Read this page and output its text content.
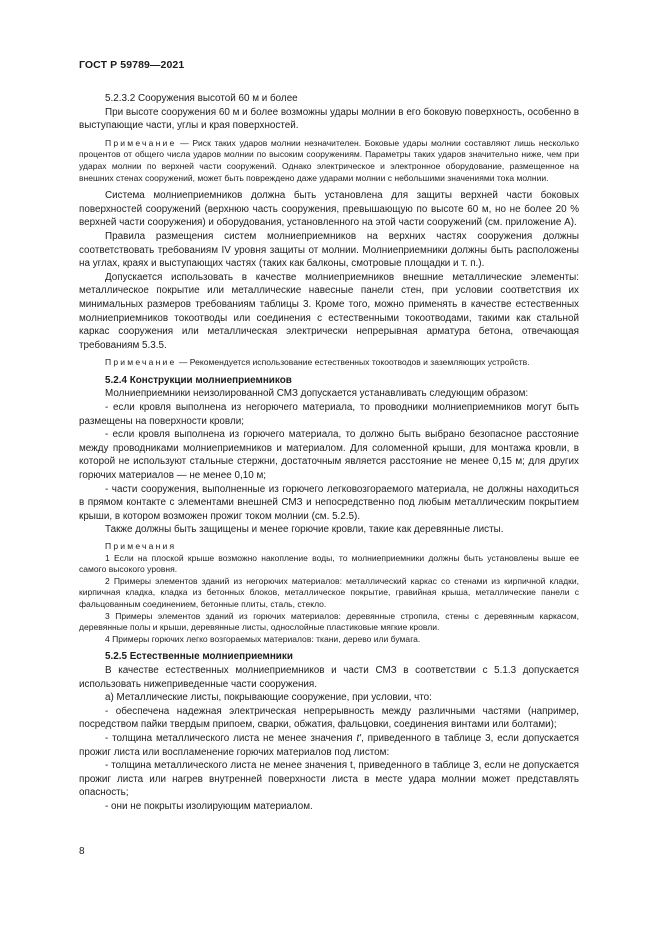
ГОСТ Р 59789—2021

5.2.3.2 Сооружения высотой 60 м и более

При высоте сооружения 60 м и более возможны удары молнии в его боковую поверхность, особенно в выступающие части, углы и края поверхностей.

Примечание — Риск таких ударов молнии незначителен. Боковые удары молнии составляют лишь несколько процентов от общего числа ударов молнии по высоким сооружениям. Параметры таких ударов значительно ниже, чем при ударах молнии по верхней части сооружений. Однако электрическое и электронное оборудование, размещенное на внешних стенах сооружений, может быть повреждено даже ударами молнии с небольшими значениями тока молнии.

Система молниеприемников должна быть установлена для защиты верхней части боковых поверхностей сооружений (верхнюю часть сооружения, превышающую по высоте 60 м, но не более 20 % верхней части сооружения) и оборудования, установленного на этой части сооружений (см. приложение А).

Правила размещения систем молниеприемников на верхних частях сооружения должны соответствовать требованиям IV уровня защиты от молнии. Молниеприемники должны быть расположены на углах, краях и выступающих частях (таких как балконы, смотровые площадки и т. п.).

Допускается использовать в качестве молниеприемников внешние металлические элементы: металлическое покрытие или металлические навесные панели стен, при условии соответствия их минимальных размеров требованиям таблицы 3. Кроме того, можно применять в качестве естественных молниеприемников токоотводы или соединения с естественными токоотводами, такими как стальной каркас сооружения или металлическая электрически непрерывная арматура бетона, отвечающая требованиям 5.3.5.

Примечание — Рекомендуется использование естественных токоотводов и заземляющих устройств.

5.2.4 Конструкции молниеприемников

Молниеприемники неизолированной СМЗ допускается устанавливать следующим образом:

- если кровля выполнена из негорючего материала, то проводники молниеприемников могут быть размещены на поверхности кровли;

- если кровля выполнена из горючего материала, то должно быть выбрано безопасное расстояние между проводниками молниеприемников и материалом. Для соломенной крыши, для монтажа кровли, в которой не используют стальные стержни, достаточным является расстояние не менее 0,15 м; для других горючих материалов — не менее 0,10 м;

- части сооружения, выполненные из горючего легковозгораемого материала, не должны находиться в прямом контакте с элементами внешней СМЗ и непосредственно под любым металлическим покрытием крыши, в котором возможен прожиг током молнии (см. 5.2.5).

Также должны быть защищены и менее горючие кровли, такие как деревянные листы.

Примечания

1 Если на плоской крыше возможно накопление воды, то молниеприемники должны быть установлены выше ее самого высокого уровня.

2 Примеры элементов зданий из негорючих материалов: металлический каркас со стенами из кирпичной кладки, кирпичная кладка, кладка из бетонных блоков, металлическое покрытие, гравийная крыша, металлические панели с фальцованным соединением, бетонные плиты, сталь, стекло.

3 Примеры элементов зданий из горючих материалов: деревянные стропила, стены с деревянным каркасом, деревянные полы и крыши, деревянные листы, однослойные пластиковые мягкие кровли.

4 Примеры горючих легко возгораемых материалов: ткани, дерево или бумага.

5.2.5 Естественные молниеприемники

В качестве естественных молниеприемников и части СМЗ в соответствии с 5.1.3 допускается использовать нижеприведенные части сооружения.

а) Металлические листы, покрывающие сооружение, при условии, что:

- обеспечена надежная электрическая непрерывность между различными частями (например, посредством пайки твердым припоем, сварки, обжатия, фальцовки, соединения винтами или болтами);

- толщина металлического листа не менее значения t', приведенного в таблице 3, если допускается прожиг листа или воспламенение горючих материалов под листом:

- толщина металлического листа не менее значения t, приведенного в таблице 3, если не допускается прожиг листа или нагрев внутренней поверхности листа в месте удара молнии может представлять опасность;

- они не покрыты изолирующим материалом.

8
